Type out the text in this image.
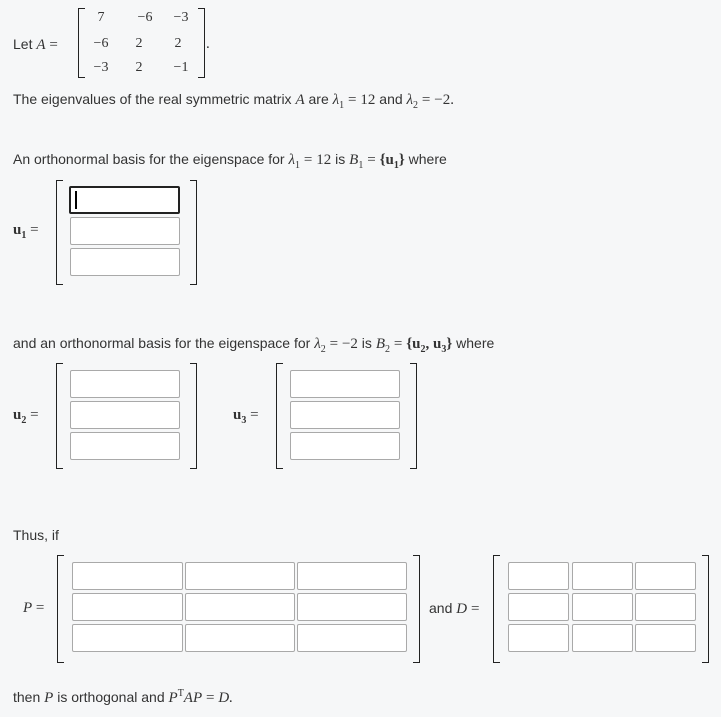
Let A =
7	−6	−3
−6	2	2
−3	2	−1
.
The eigenvalues of the real symmetric matrix A are $\lambda_1 = 12$ and $\lambda_2 = -2$.
An orthonormal basis for the eigenspace for $\lambda_1 = 12$ is $B_1 = \{u_1\}$ where
$u_1$ =
and an orthonormal basis for the eigenspace for $\lambda_2 = -2$ is $B_2 = \{u_2$, $u_3$} where
$u_2$ =	$u_3$ =
Thus, if
P =	and D =
then P is orthogonal and $P^TAP = D$.
